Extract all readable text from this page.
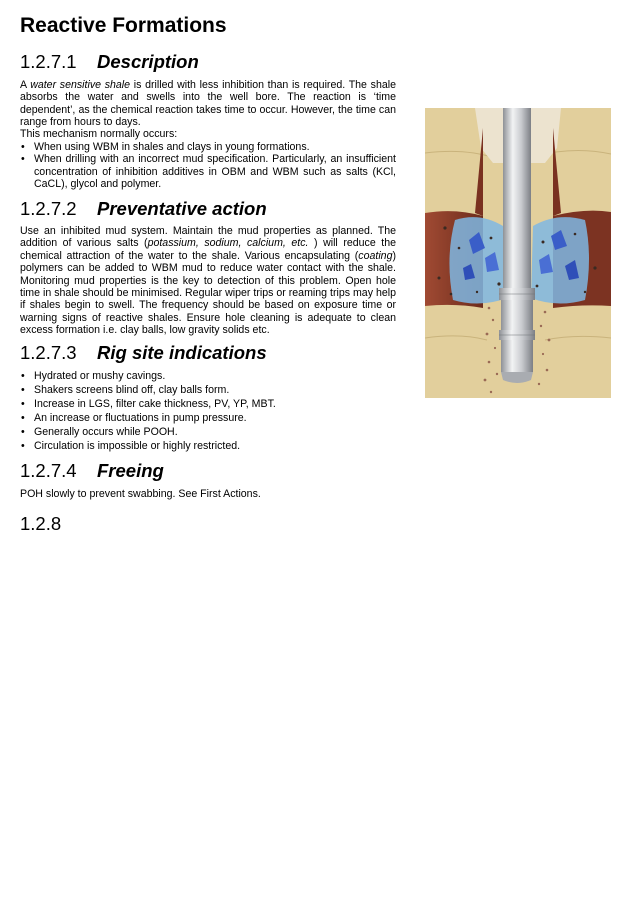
Reactive Formations
1.2.7.1 Description
A water sensitive shale is drilled with less inhibition than is required. The shale absorbs the water and swells into the well bore. The reaction is ‘time dependent’, as the chemical reaction takes time to occur. However, the time can range from hours to days.
This mechanism normally occurs:
• When using WBM in shales and clays in young formations.
• When drilling with an incorrect mud specification. Particularly, an insufficient concentration of inhibition additives in OBM and WBM such as salts (KCl, CaCL), glycol and polymer.
1.2.7.2 Preventative action
Use an inhibited mud system. Maintain the mud properties as planned. The addition of various salts (potassium, sodium, calcium, etc. ) will reduce the chemical attraction of the water to the shale. Various encapsulating (coating) polymers can be added to WBM mud to reduce water contact with the shale. Monitoring mud properties is the key to detection of this problem. Open hole time in shale should be minimised. Regular wiper trips or reaming trips may help if shales begin to swell. The frequency should be based on exposure time or warning signs of reactive shales. Ensure hole cleaning is adequate to clean excess formation i.e. clay balls, low gravity solids etc.
1.2.7.3 Rig site indications
• Hydrated or mushy cavings.
• Shakers screens blind off, clay balls form.
• Increase in LGS, filter cake thickness, PV, YP, MBT.
• An increase or fluctuations in pump pressure.
• Generally occurs while POOH.
• Circulation is impossible or highly restricted.
1.2.7.4 Freeing
POH slowly to prevent swabbing. See First Actions.
1.2.8
